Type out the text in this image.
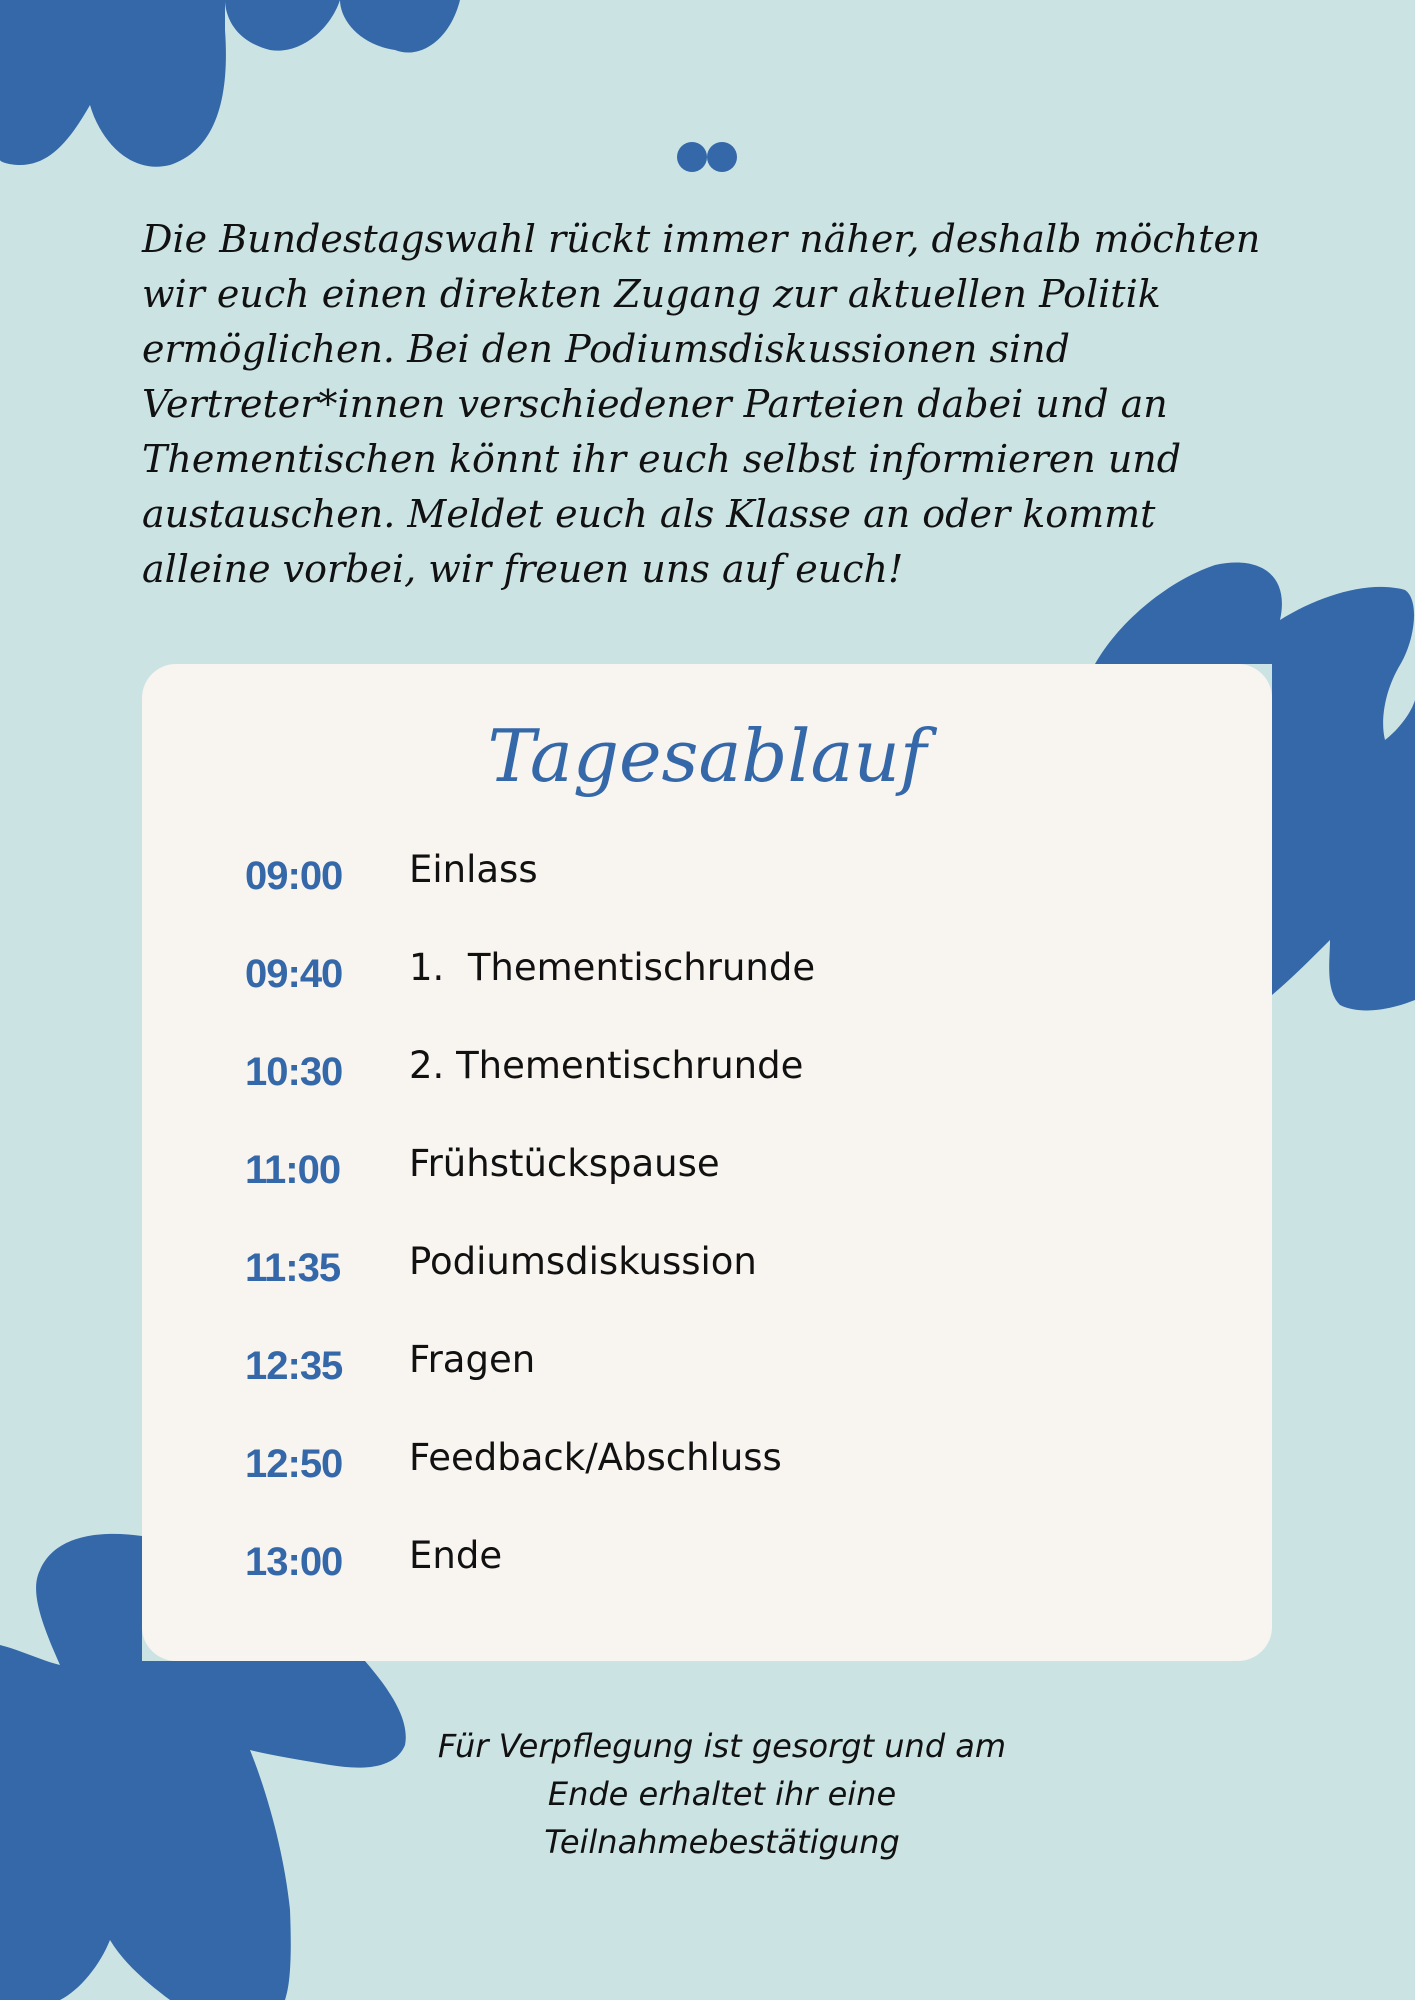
Die Bundestagswahl rückt immer näher, deshalb möchten wir euch einen direkten Zugang zur aktuellen Politik ermöglichen. Bei den Podiumsdiskussionen sind Vertreter*innen verschiedener Parteien dabei und an Thementischen könnt ihr euch selbst informieren und austauschen. Meldet euch als Klasse an oder kommt alleine vorbei, wir freuen uns auf euch!

Tagesablauf
09:00	Einlass
09:40	1.  Thementischrunde
10:30	2. Thementischrunde
11:00	Frühstückspause
11:35	Podiumsdiskussion
12:35	Fragen
12:50	Feedback/Abschluss
13:00	Ende

Für Verpflegung ist gesorgt und am
Ende erhaltet ihr eine
Teilnahmebestätigung
